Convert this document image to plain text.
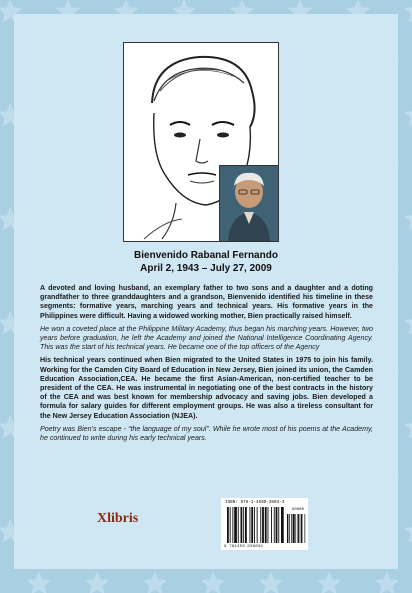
Bienvenido Rabanal Fernando
April 2, 1943 – July 27, 2009

A devoted and loving husband, an exemplary father to two sons and a daughter and a doting grandfather to three granddaughters and a grandson, Bienvenido identified his timeline in these segments: formative years, marching years and technical years. His formative years in the Philippines were difficult. Having a widowed working mother, Bien practically raised himself.

He won a coveted place at the Philippine Military Academy, thus began his marching years. However, two years before graduation, he left the Academy and joined the National Intelligence Coordinating Agency. This was the start of his technical years. He became one of the top officers of the Agency

His technical years continued when Bien migrated to the United States in 1975 to join his family. Working for the Camden City Board of Education in New Jersey, Bien joined its union, the Camden Education Association,CEA. He became the first Asian-American, non-certified teacher to be president of the CEA. He was instrumental in negotiating one of the best contracts in the history of the CEA and was best known for membership advocacy and saving jobs. Bien developed a formula for salary guides for different employment groups. He was also a tireless consultant for the New Jersey Education Association (NJEA).

Poetry was Bien’s escape - “the language of my soul”. While he wrote most of his poems at the Academy, he continued to write during his early technical years.

Xlibris
ISBN: 978-1-4500-3803-4
90000
9 781450 038034
